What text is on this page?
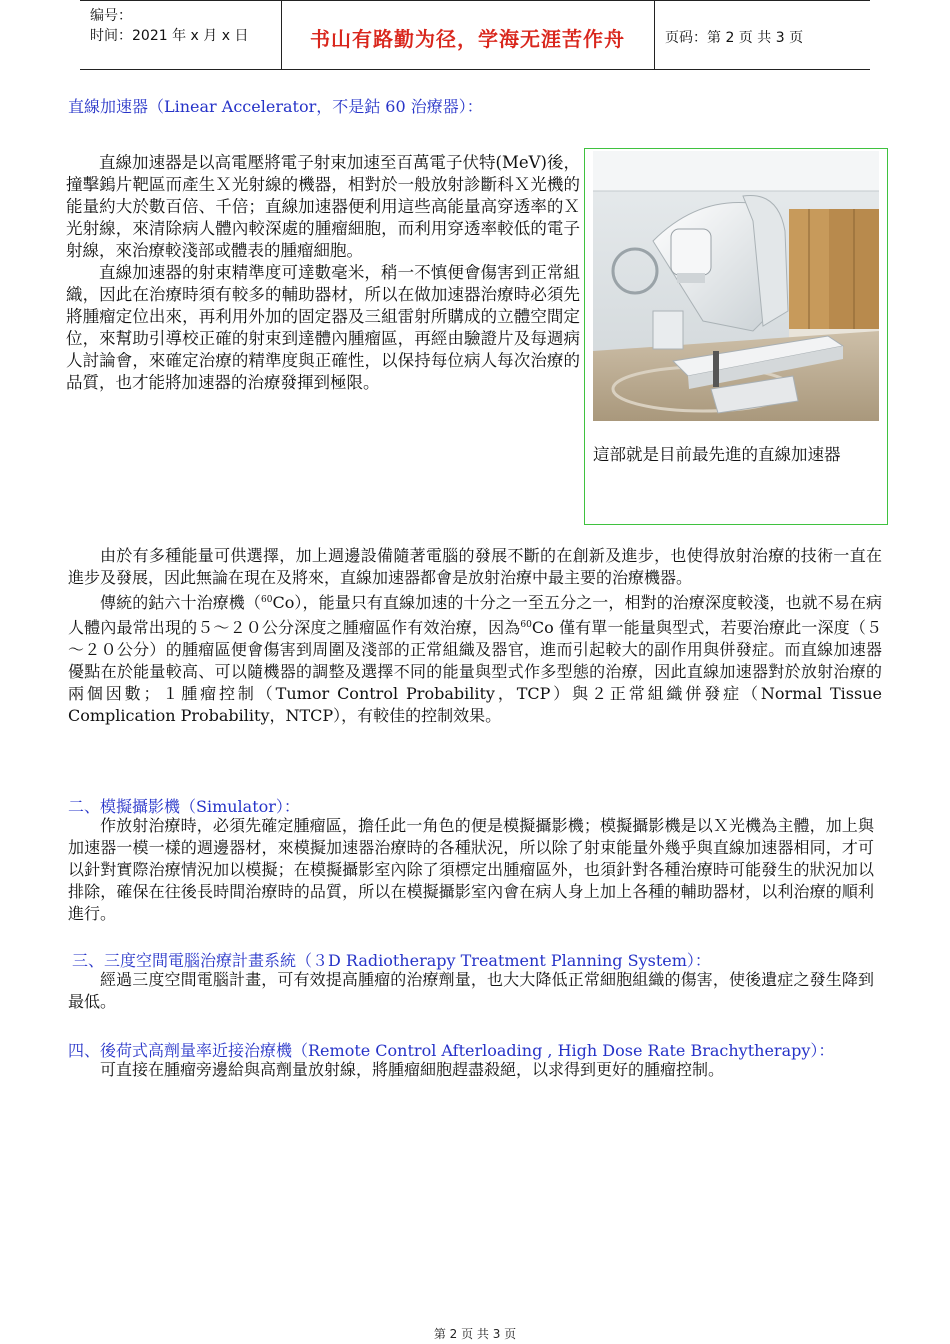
编号：
时间：2021 年 x 月 x 日	书山有路勤为径，学海无涯苦作舟	页码：第 2 页 共 3 页
直線加速器（Linear Accelerator，不是鈷 60 治療器）：

直線加速器是以高電壓將電子射束加速至百萬電子伏特(MeV)後，撞擊鎢片靶區而產生Ｘ光射線的機器，相對於一般放射診斷科Ｘ光機的能量約大於數百倍、千倍；直線加速器便利用這些高能量高穿透率的Ｘ光射線，來清除病人體內較深處的腫瘤細胞，而利用穿透率較低的電子射線，來治療較淺部或體表的腫瘤細胞。

直線加速器的射束精準度可達數毫米，稍一不慎便會傷害到正常組織，因此在治療時須有較多的輔助器材，所以在做加速器治療時必須先將腫瘤定位出來，再利用外加的固定器及三組雷射所購成的立體空間定位，來幫助引導校正確的射束到達體內腫瘤區，再經由驗證片及每週病人討論會，來確定治療的精準度與正確性，以保持每位病人每次治療的品質，也才能將加速器的治療發揮到極限。

這部就是目前最先進的直線加速器

由於有多種能量可供選擇，加上週邊設備隨著電腦的發展不斷的在創新及進步，也使得放射治療的技術一直在進步及發展，因此無論在現在及將來，直線加速器都會是放射治療中最主要的治療機器。

傳統的鈷六十治療機（$^{60}$Co），能量只有直線加速的十分之一至五分之一，相對的治療深度較淺，也就不易在病人體內最常出現的５～２０公分深度之腫瘤區作有效治療，因為$^{60}$Co 僅有單一能量與型式，若要治療此一深度（５～２０公分）的腫瘤區便會傷害到周圍及淺部的正常組織及器官，進而引起較大的副作用與併發症。而直線加速器優點在於能量較高、可以隨機器的調整及選擇不同的能量與型式作多型態的治療，因此直線加速器對於放射治療的兩個因數；１腫瘤控制（Tumor Control Probability，TCP）與２正常組織併發症（Normal Tissue Complication Probability，NTCP），有較佳的控制效果。

二、模擬攝影機（Simulator）：

作放射治療時，必須先確定腫瘤區，擔任此一角色的便是模擬攝影機；模擬攝影機是以Ｘ光機為主體，加上與加速器一模一樣的週邊器材，來模擬加速器治療時的各種狀況，所以除了射束能量外幾乎與直線加速器相同，才可以針對實際治療情況加以模擬；在模擬攝影室內除了須標定出腫瘤區外，也須針對各種治療時可能發生的狀況加以排除，確保在往後長時間治療時的品質，所以在模擬攝影室內會在病人身上加上各種的輔助器材，以利治療的順利進行。

三、三度空間電腦治療計畫系統（３D Radiotherapy Treatment Planning System）：

經過三度空間電腦計畫，可有效提高腫瘤的治療劑量，也大大降低正常細胞組織的傷害，使後遺症之發生降到最低。

四、後荷式高劑量率近接治療機（Remote Control Afterloading , High Dose Rate Brachytherapy）：

可直接在腫瘤旁邊給與高劑量放射線，將腫瘤細胞趕盡殺絕，以求得到更好的腫瘤控制。

第 2 页 共 3 页
